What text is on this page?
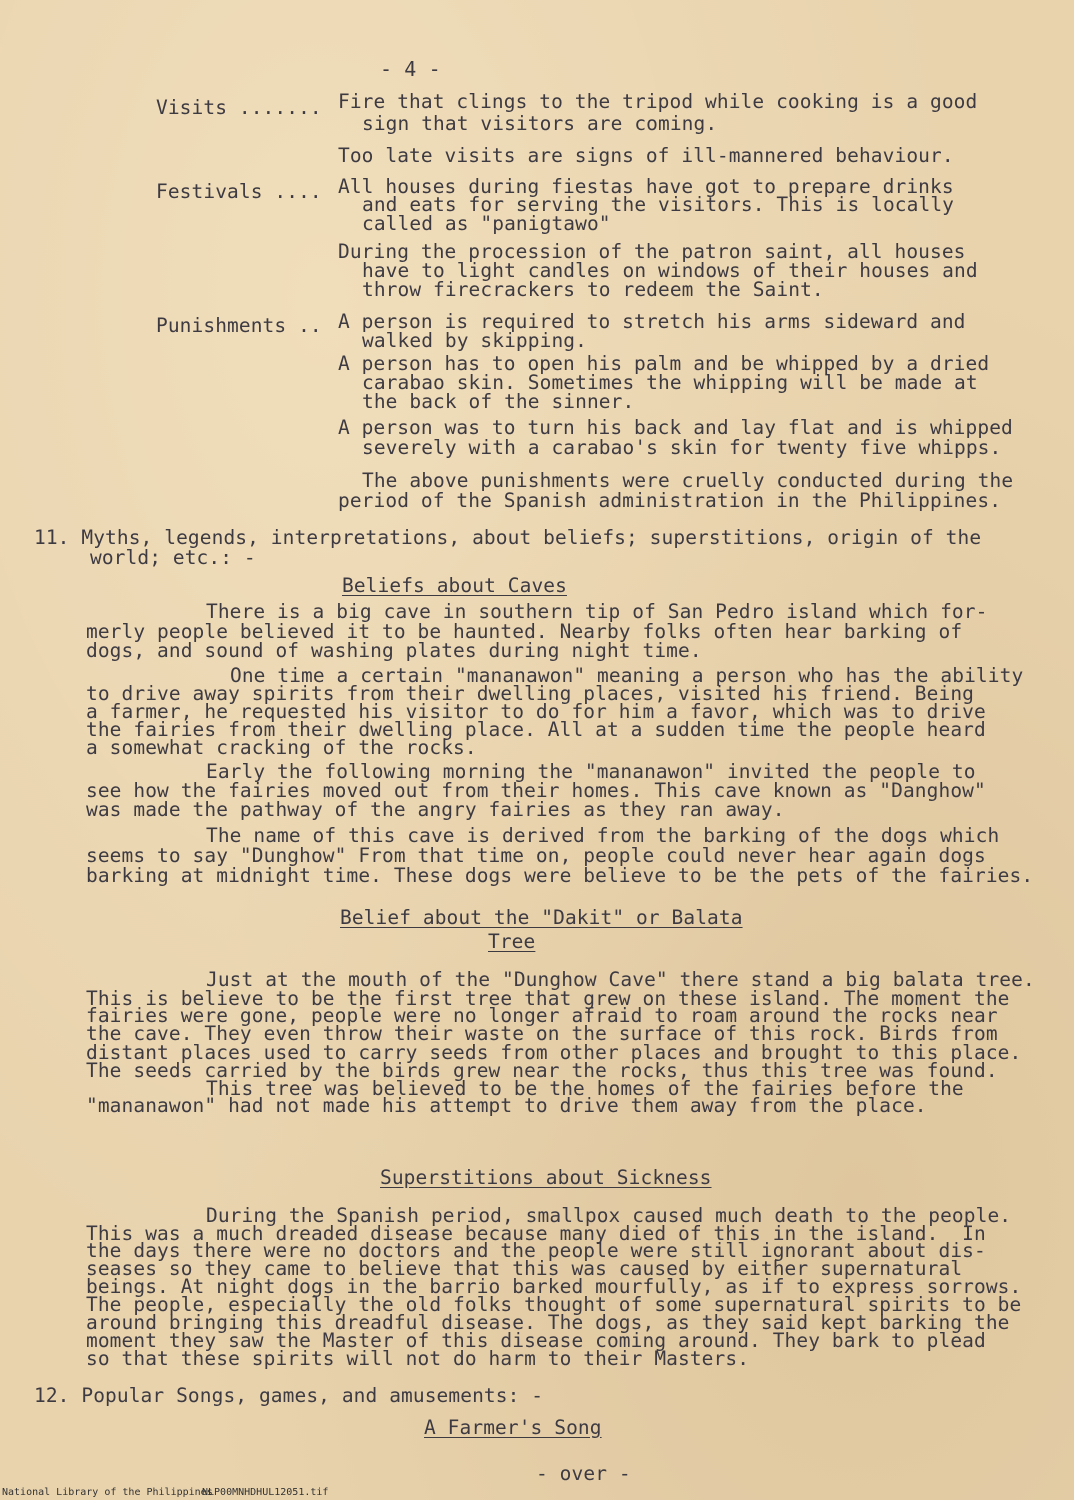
- 4 -
Visits ....... Fire that clings to the tripod while cooking is a good
sign that visitors are coming.
Too late visits are signs of ill-mannered behaviour.
Festivals .... All houses during fiestas have got to prepare drinks
and eats for serving the visitors. This is locally
called as "panigtawo"
During the procession of the patron saint, all houses
have to light candles on windows of their houses and
throw firecrackers to redeem the Saint.
Punishments .. A person is required to stretch his arms sideward and
walked by skipping.
A person has to open his palm and be whipped by a dried
carabao skin. Sometimes the whipping will be made at
the back of the sinner.
A person was to turn his back and lay flat and is whipped
severely with a carabao's skin for twenty five whipps.
The above punishments were cruelly conducted during the
period of the Spanish administration in the Philippines.
11. Myths, legends, interpretations, about beliefs; superstitions, origin of the
world; etc.: -
Beliefs about Caves
There is a big cave in southern tip of San Pedro island which for-
merly people believed it to be haunted. Nearby folks often hear barking of
dogs, and sound of washing plates during night time.
One time a certain "mananawon" meaning a person who has the ability
to drive away spirits from their dwelling places, visited his friend. Being
a farmer, he requested his visitor to do for him a favor, which was to drive
the fairies from their dwelling place. All at a sudden time the people heard
a somewhat cracking of the rocks.
Early the following morning the "mananawon" invited the people to
see how the fairies moved out from their homes. This cave known as "Danghow"
was made the pathway of the angry fairies as they ran away.
The name of this cave is derived from the barking of the dogs which
seems to say "Dunghow" From that time on, people could never hear again dogs
barking at midnight time. These dogs were believe to be the pets of the fairies.
Belief about the "Dakit" or Balata
Tree
Just at the mouth of the "Dunghow Cave" there stand a big balata tree.
This is believe to be the first tree that grew on these island. The moment the
fairies were gone, people were no longer afraid to roam around the rocks near
the cave. They even throw their waste on the surface of this rock. Birds from
distant places used to carry seeds from other places and brought to this place.
The seeds carried by the birds grew near the rocks, thus this tree was found.
This tree was believed to be the homes of the fairies before the
"mananawon" had not made his attempt to drive them away from the place.
Superstitions about Sickness
During the Spanish period, smallpox caused much death to the people.
This was a much dreaded disease because many died of this in the island.  In
the days there were no doctors and the people were still ignorant about dis-
seases so they came to believe that this was caused by either supernatural
beings. At night dogs in the barrio barked mourfully, as if to express sorrows.
The people, especially the old folks thought of some supernatural spirits to be
around bringing this dreadful disease. The dogs, as they said kept barking the
moment they saw the Master of this disease coming around. They bark to plead
so that these spirits will not do harm to their Masters.
12. Popular Songs, games, and amusements: -
A Farmer's Song
- over -
National Library of the Philippines
NLP00MNHDHUL12051.tif
